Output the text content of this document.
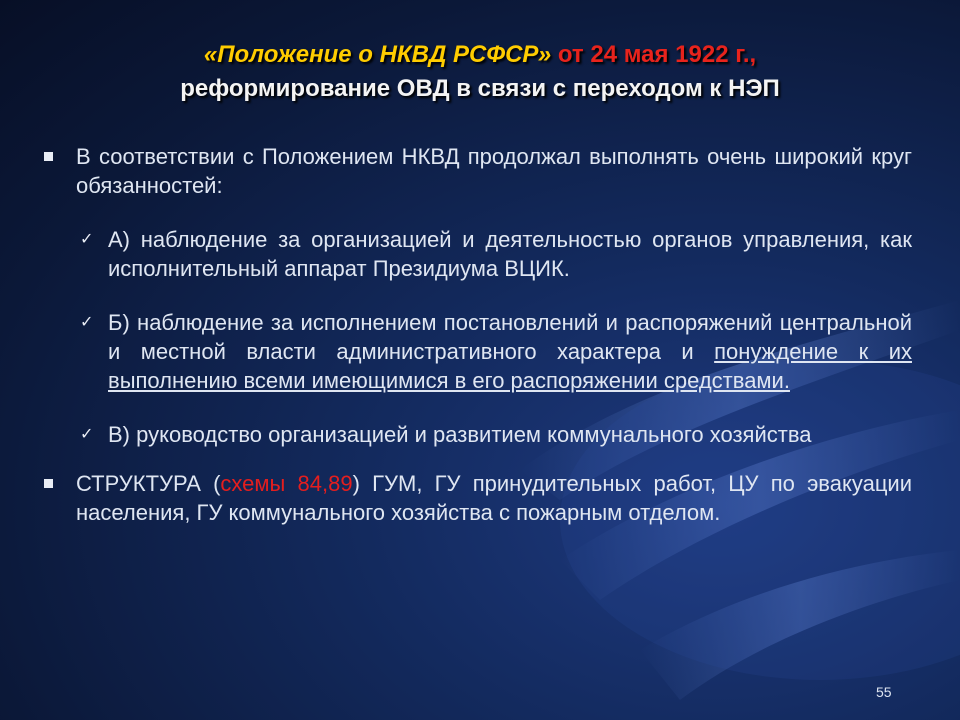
«Положение о НКВД РСФСР» от 24 мая 1922 г.,
реформирование ОВД в связи с переходом к НЭП
В соответствии с Положением НКВД продолжал выполнять очень широкий круг обязанностей:
✓ А) наблюдение за организацией и деятельностью органов управления, как исполнительный аппарат Президиума ВЦИК.
✓ Б) наблюдение за исполнением постановлений и распоряжений центральной и местной власти административного характера и понуждение к их выполнению всеми имеющимися в его распоряжении средствами.
✓ В) руководство организацией и развитием коммунального хозяйства
СТРУКТУРА (схемы 84,89) ГУМ, ГУ принудительных работ, ЦУ по эвакуации населения, ГУ коммунального хозяйства с пожарным отделом.
55
